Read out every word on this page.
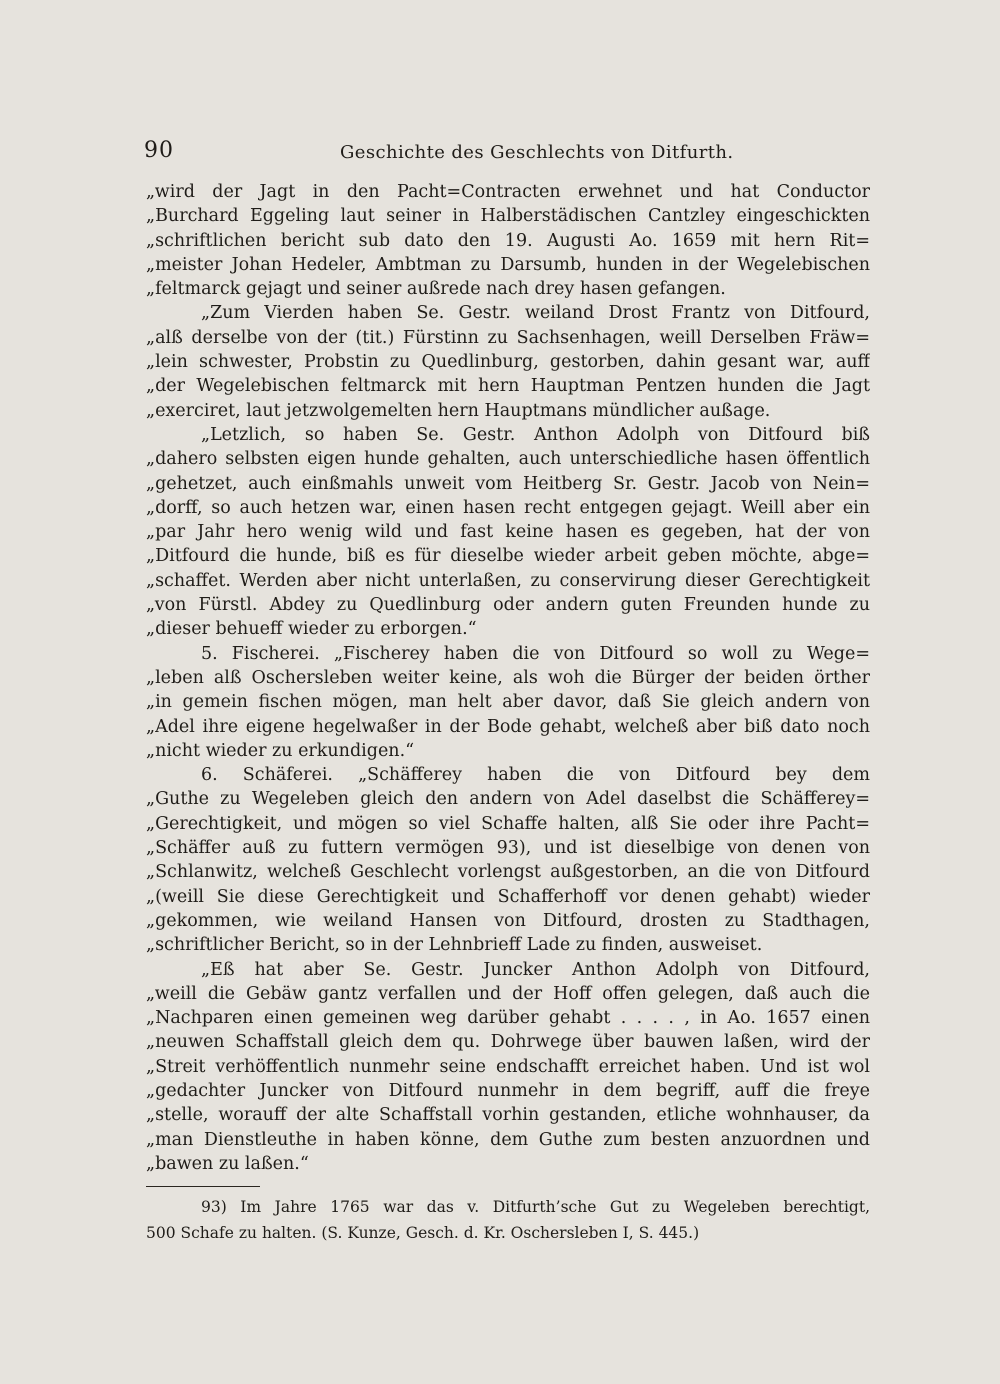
90	Geschichte des Geschlechts von Ditfurth.
„wird der Jagt in den Pacht=Contracten erwehnet und hat Conductor
„Burchard Eggeling laut seiner in Halberstädischen Cantzley eingeschickten
„schriftlichen bericht sub dato den 19. Augusti Ao. 1659 mit hern Rit=
„meister Johan Hedeler, Ambtman zu Darsumb, hunden in der Wegelebischen
„feltmarck gejagt und seiner außrede nach drey hasen gefangen.
„Zum Vierden haben Se. Gestr. weiland Drost Frantz von Ditfourd,
„alß derselbe von der (tit.) Fürstinn zu Sachsenhagen, weill Derselben Fräw=
„lein schwester, Probstin zu Quedlinburg, gestorben, dahin gesant war, auff
„der Wegelebischen feltmarck mit hern Hauptman Pentzen hunden die Jagt
„exerciret, laut jetzwolgemelten hern Hauptmans mündlicher außage.
„Letzlich, so haben Se. Gestr. Anthon Adolph von Ditfourd biß
„dahero selbsten eigen hunde gehalten, auch unterschiedliche hasen öffentlich
„gehetzet, auch einßmahls unweit vom Heitberg Sr. Gestr. Jacob von Nein=
„dorff, so auch hetzen war, einen hasen recht entgegen gejagt. Weill aber ein
„par Jahr hero wenig wild und fast keine hasen es gegeben, hat der von
„Ditfourd die hunde, biß es für dieselbe wieder arbeit geben möchte, abge=
„schaffet. Werden aber nicht unterlaßen, zu conservirung dieser Gerechtigkeit
„von Fürstl. Abdey zu Quedlinburg oder andern guten Freunden hunde zu
„dieser behueff wieder zu erborgen.“
5. Fischerei. „Fischerey haben die von Ditfourd so woll zu Wege=
„leben alß Oschersleben weiter keine, als woh die Bürger der beiden örther
„in gemein fischen mögen, man helt aber davor, daß Sie gleich andern von
„Adel ihre eigene hegelwaßer in der Bode gehabt, welcheß aber biß dato noch
„nicht wieder zu erkundigen.“
6. Schäferei. „Schäfferey haben die von Ditfourd bey dem
„Guthe zu Wegeleben gleich den andern von Adel daselbst die Schäfferey=
„Gerechtigkeit, und mögen so viel Schaffe halten, alß Sie oder ihre Pacht=
„Schäffer auß zu futtern vermögen 93), und ist dieselbige von denen von
„Schlanwitz, welcheß Geschlecht vorlengst außgestorben, an die von Ditfourd
„(weill Sie diese Gerechtigkeit und Schafferhoff vor denen gehabt) wieder
„gekommen, wie weiland Hansen von Ditfourd, drosten zu Stadthagen,
„schriftlicher Bericht, so in der Lehnbrieff Lade zu finden, ausweiset.
„Eß hat aber Se. Gestr. Juncker Anthon Adolph von Ditfourd,
„weill die Gebäw gantz verfallen und der Hoff offen gelegen, daß auch die
„Nachparen einen gemeinen weg darüber gehabt . . . . , in Ao. 1657 einen
„neuwen Schaffstall gleich dem qu. Dohrwege über bauwen laßen, wird der
„Streit verhöffentlich nunmehr seine endschafft erreichet haben. Und ist wol
„gedachter Juncker von Ditfourd nunmehr in dem begriff, auff die freye
„stelle, worauff der alte Schaffstall vorhin gestanden, etliche wohnhauser, da
„man Dienstleuthe in haben könne, dem Guthe zum besten anzuordnen und
„bawen zu laßen.“
93) Im Jahre 1765 war das v. Ditfurth’sche Gut zu Wegeleben berechtigt,
500 Schafe zu halten. (S. Kunze, Gesch. d. Kr. Oschersleben I, S. 445.)
